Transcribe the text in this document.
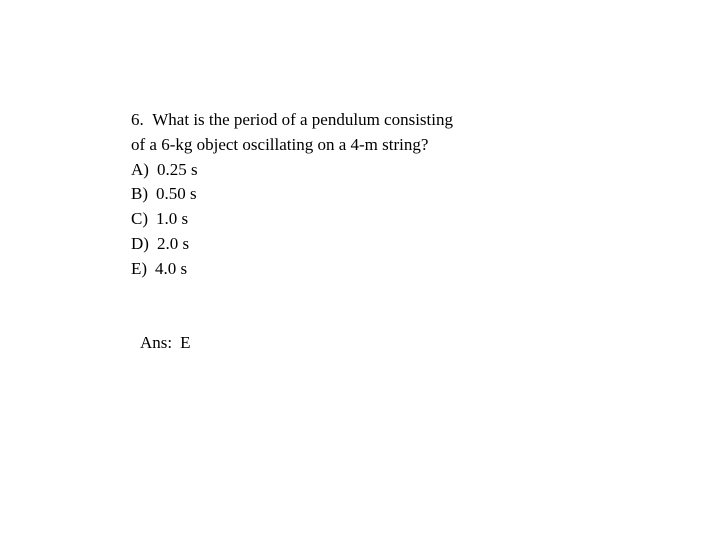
6. What is the period of a pendulum consisting
of a 6-kg object oscillating on a 4-m string?
A) 0.25 s
B) 0.50 s
C) 1.0 s
D) 2.0 s
E) 4.0 s
Ans: E
